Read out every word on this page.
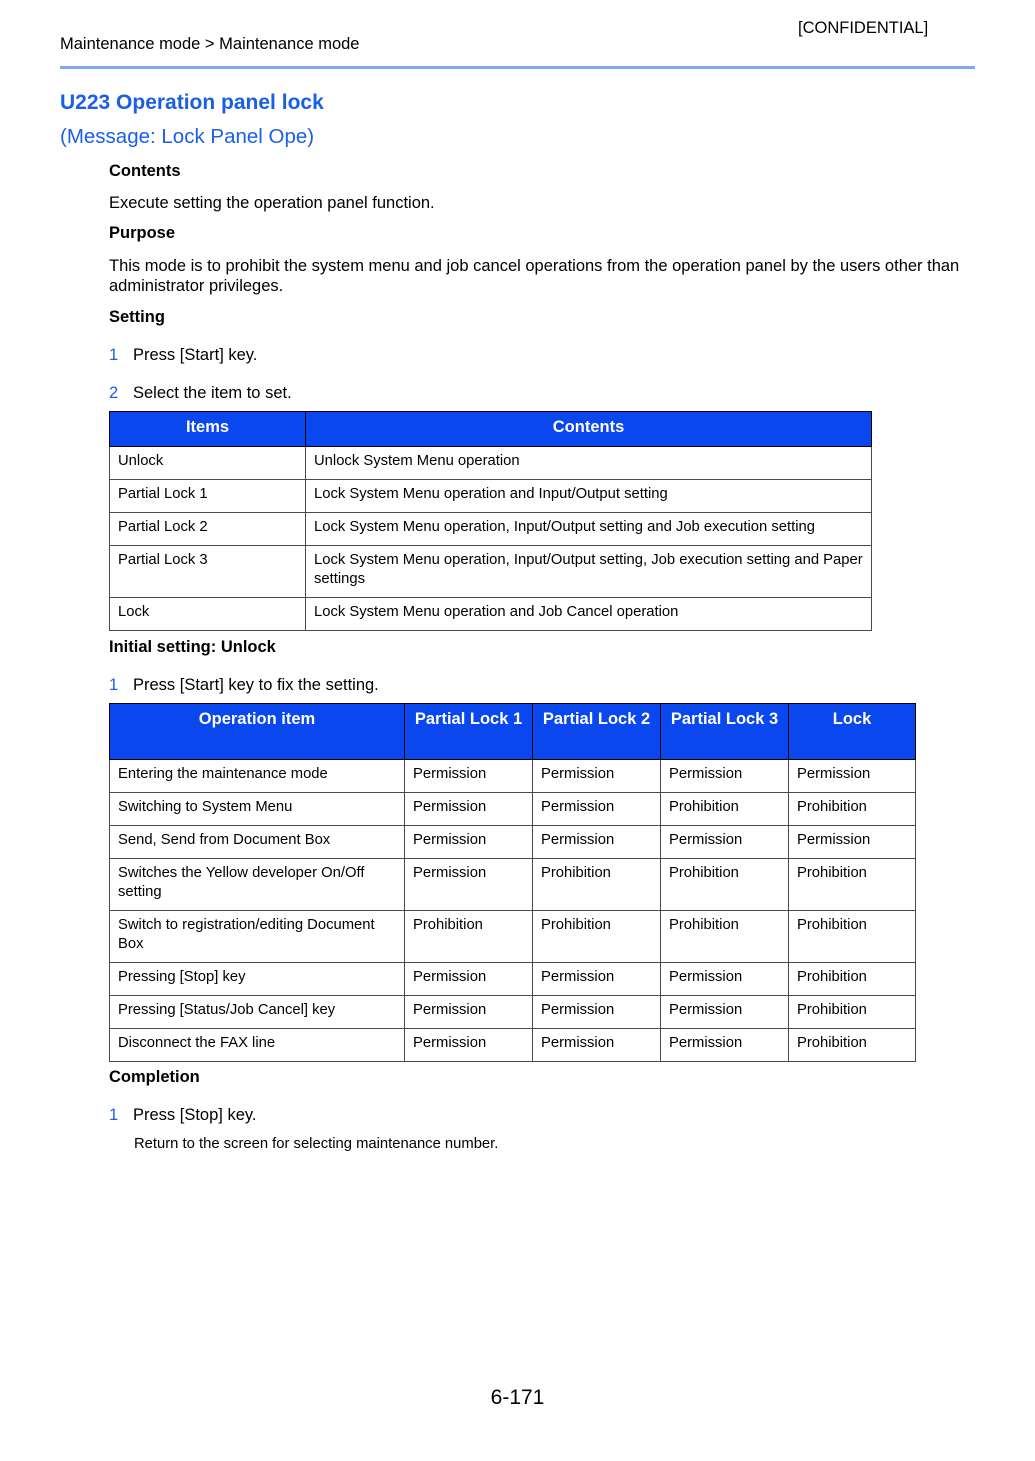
[CONFIDENTIAL]
Maintenance mode > Maintenance mode
U223 Operation panel lock
(Message: Lock Panel Ope)
Contents
Execute setting the operation panel function.
Purpose
This mode is to prohibit the system menu and job cancel operations from the operation panel by the users other than administrator privileges.
Setting
1 Press [Start] key.
2 Select the item to set.
Items	Contents
Unlock	Unlock System Menu operation
Partial Lock 1	Lock System Menu operation and Input/Output setting
Partial Lock 2	Lock System Menu operation, Input/Output setting and Job execution setting
Partial Lock 3	Lock System Menu operation, Input/Output setting, Job execution setting and Paper settings
Lock	Lock System Menu operation and Job Cancel operation
Initial setting: Unlock
1 Press [Start] key to fix the setting.
Operation item	Partial Lock 1	Partial Lock 2	Partial Lock 3	Lock
Entering the maintenance mode	Permission	Permission	Permission	Permission
Switching to System Menu	Permission	Permission	Prohibition	Prohibition
Send, Send from Document Box	Permission	Permission	Permission	Permission
Switches the Yellow developer On/Off setting	Permission	Prohibition	Prohibition	Prohibition
Switch to registration/editing Document Box	Prohibition	Prohibition	Prohibition	Prohibition
Pressing [Stop] key	Permission	Permission	Permission	Prohibition
Pressing [Status/Job Cancel] key	Permission	Permission	Permission	Prohibition
Disconnect the FAX line	Permission	Permission	Permission	Prohibition
Completion
1 Press [Stop] key.
Return to the screen for selecting maintenance number.
6-171
